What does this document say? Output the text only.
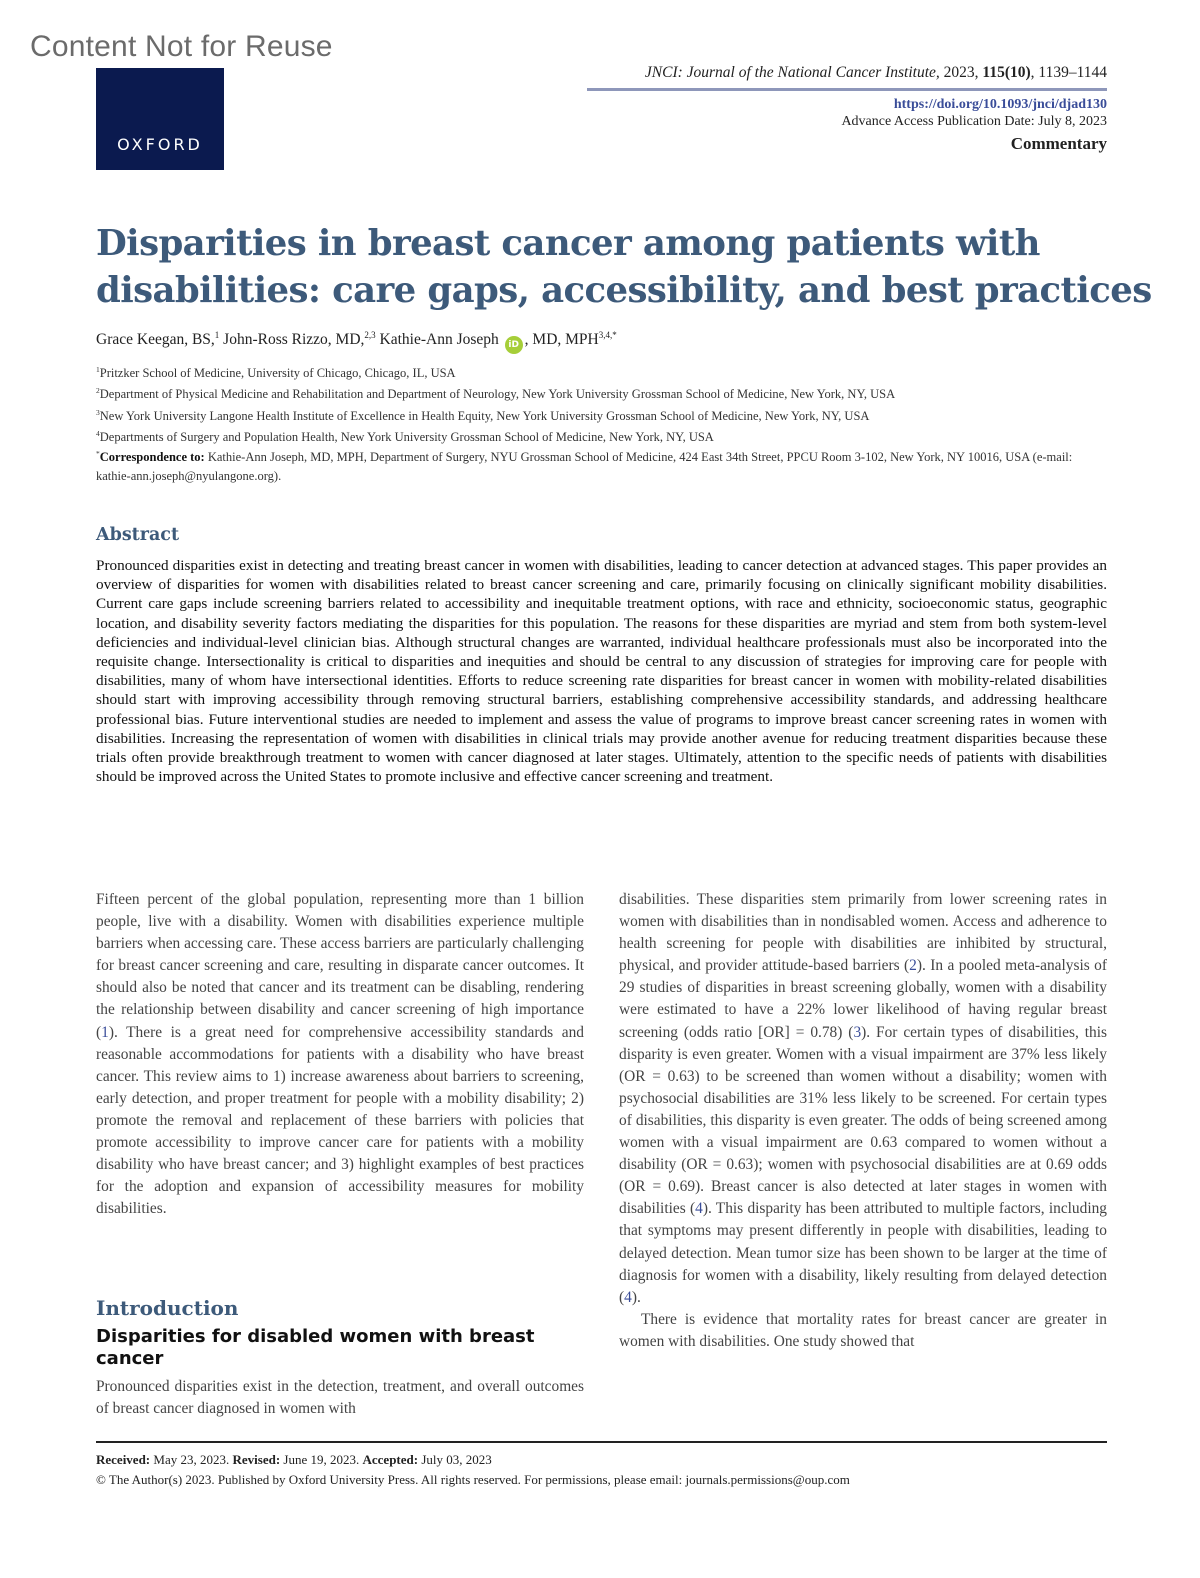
Content Not for Reuse
OXFORD
JNCI: Journal of the National Cancer Institute, 2023, 115(10), 1139–1144
https://doi.org/10.1093/jnci/djad130
Advance Access Publication Date: July 8, 2023
Commentary
Disparities in breast cancer among patients with
disabilities: care gaps, accessibility, and best practices
Grace Keegan, BS,$^1$ John-Ross Rizzo, MD,$^{2,3}$ Kathie-Ann Joseph iD , MD, $MPH^{3,4,*}$
$^1$Pritzker School of Medicine, University of Chicago, Chicago, IL, USA
$^2$Department of Physical Medicine and Rehabilitation and Department of Neurology, New York University Grossman School of Medicine, New York, NY, USA
$^3$New York University Langone Health Institute of Excellence in Health Equity, New York University Grossman School of Medicine, New York, NY, USA
$^4$Departments of Surgery and Population Health, New York University Grossman School of Medicine, New York, NY, USA
*Correspondence to: Kathie-Ann Joseph, MD, MPH, Department of Surgery, NYU Grossman School of Medicine, 424 East 34th Street, PPCU Room 3-102, New York, NY 10016, USA (e-mail: kathie-ann.joseph@nyulangone.org).
Abstract

Pronounced disparities exist in detecting and treating breast cancer in women with disabilities, leading to cancer detection at advanced stages. This paper provides an overview of disparities for women with disabilities related to breast cancer screening and care, primarily focusing on clinically significant mobility disabilities. Current care gaps include screening barriers related to accessibility and inequitable treatment options, with race and ethnicity, socioeconomic status, geographic location, and disability severity factors mediating the disparities for this population. The reasons for these disparities are myriad and stem from both system-level deficiencies and individual-level clinician bias. Although structural changes are warranted, individual healthcare professionals must also be incorporated into the requisite change. Intersectionality is critical to disparities and inequities and should be central to any discussion of strategies for improving care for people with disabilities, many of whom have intersectional identities. Efforts to reduce screening rate disparities for breast cancer in women with mobility-related disabilities should start with improving accessibility through removing structural barriers, establishing comprehensive accessibility standards, and addressing healthcare professional bias. Future interventional studies are needed to implement and assess the value of programs to improve breast cancer screening rates in women with disabilities. Increasing the representation of women with disabilities in clinical trials may provide another avenue for reducing treatment disparities because these trials often provide breakthrough treatment to women with cancer diagnosed at later stages. Ultimately, attention to the specific needs of patients with disabilities should be improved across the United States to promote inclusive and effective cancer screening and treatment.

Fifteen percent of the global population, representing more than 1 billion people, live with a disability. Women with disabilities experience multiple barriers when accessing care. These access barriers are particularly challenging for breast cancer screening and care, resulting in disparate cancer outcomes. It should also be noted that cancer and its treatment can be disabling, rendering the relationship between disability and cancer screening of high importance (1). There is a great need for comprehensive accessibility standards and reasonable accommodations for patients with a disability who have breast cancer. This review aims to 1) increase awareness about barriers to screening, early detection, and proper treatment for people with a mobility disability; 2) promote the removal and replacement of these barriers with policies that promote accessibility to improve cancer care for patients with a mobility disability who have breast cancer; and 3) highlight examples of best practices for the adoption and expansion of accessibility measures for mobility disabilities.

Introduction
Disparities for disabled women with breast cancer

Pronounced disparities exist in the detection, treatment, and overall outcomes of breast cancer diagnosed in women with

disabilities. These disparities stem primarily from lower screening rates in women with disabilities than in nondisabled women. Access and adherence to health screening for people with disabilities are inhibited by structural, physical, and provider attitude-based barriers (2). In a pooled meta-analysis of 29 studies of disparities in breast screening globally, women with a disability were estimated to have a 22% lower likelihood of having regular breast screening (odds ratio [OR] = 0.78) (3). For certain types of disabilities, this disparity is even greater. Women with a visual impairment are 37% less likely (OR = 0.63) to be screened than women without a disability; women with psychosocial disabilities are 31% less likely to be screened. For certain types of disabilities, this disparity is even greater. The odds of being screened among women with a visual impairment are 0.63 compared to women without a disability (OR = 0.63); women with psychosocial disabilities are at 0.69 odds (OR = 0.69). Breast cancer is also detected at later stages in women with disabilities (4). This disparity has been attributed to multiple factors, including that symptoms may present differently in people with disabilities, leading to delayed detection. Mean tumor size has been shown to be larger at the time of diagnosis for women with a disability, likely resulting from delayed detection (4).

There is evidence that mortality rates for breast cancer are greater in women with disabilities. One study showed that

Received: May 23, 2023. Revised: June 19, 2023. Accepted: July 03, 2023
© The Author(s) 2023. Published by Oxford University Press. All rights reserved. For permissions, please email: journals.permissions@oup.com
